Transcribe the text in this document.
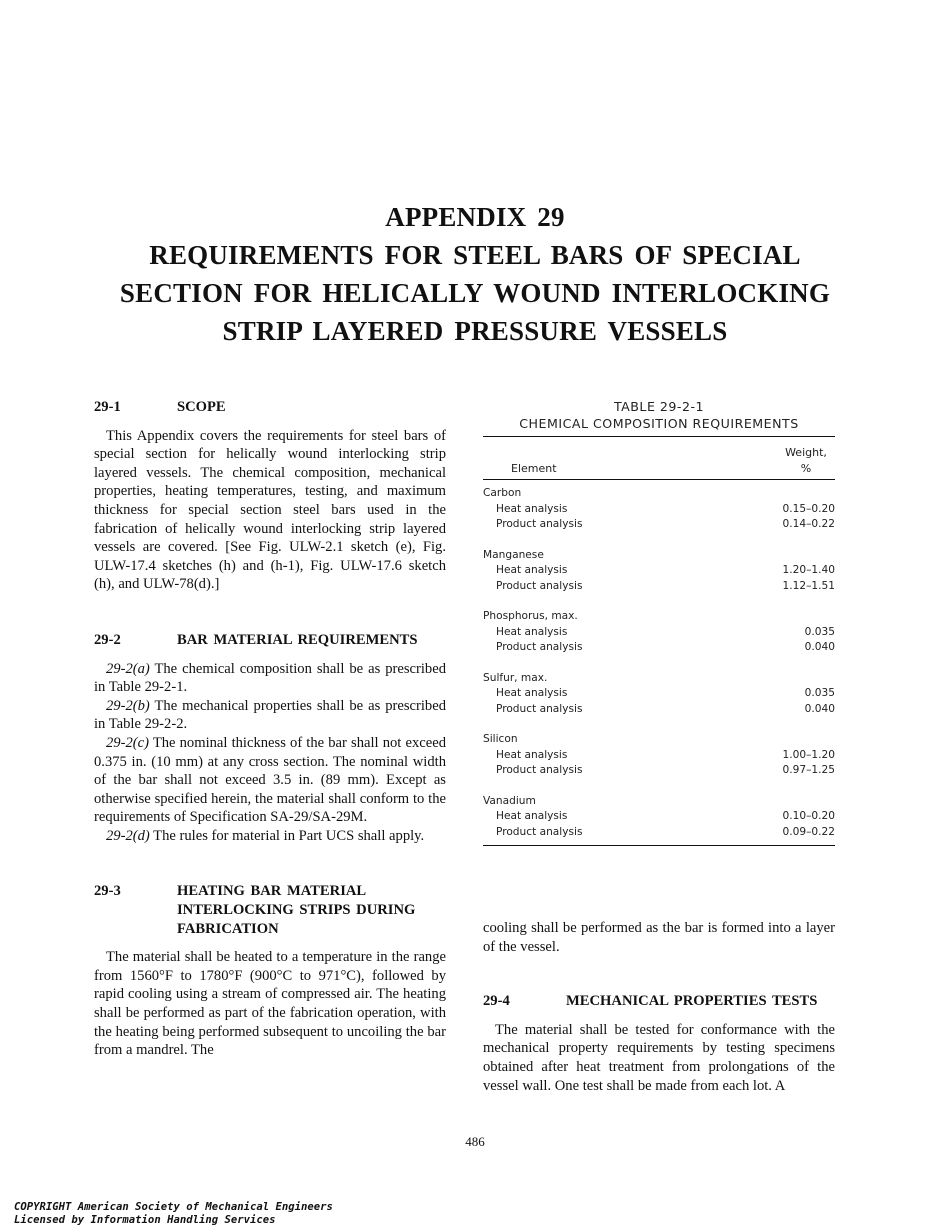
APPENDIX 29
REQUIREMENTS FOR STEEL BARS OF SPECIAL
SECTION FOR HELICALLY WOUND INTERLOCKING
STRIP LAYERED PRESSURE VESSELS
29-1	SCOPE

This Appendix covers the requirements for steel bars of special section for helically wound interlocking strip layered vessels. The chemical composition, mechanical properties, heating temperatures, testing, and maximum thickness for special section steel bars used in the fabrication of helically wound interlocking strip layered vessels are covered. [See Fig. ULW-2.1 sketch (e), Fig. ULW-17.4 sketches (h) and (h-1), Fig. ULW-17.6 sketch (h), and ULW-78(d).]

29-2	BAR MATERIAL REQUIREMENTS

29-2(a) The chemical composition shall be as prescribed in Table 29-2-1.

29-2(b) The mechanical properties shall be as prescribed in Table 29-2-2.

29-2(c) The nominal thickness of the bar shall not exceed 0.375 in. (10 mm) at any cross section. The nominal width of the bar shall not exceed 3.5 in. (89 mm). Except as otherwise specified herein, the material shall conform to the requirements of Specification SA-29/SA-29M.

29-2(d) The rules for material in Part UCS shall apply.

29-3	HEATING BAR MATERIAL INTERLOCKING STRIPS DURING FABRICATION

The material shall be heated to a temperature in the range from 1560°F to 1780°F (900°C to 971°C), followed by rapid cooling using a stream of compressed air. The heating shall be performed as part of the fabrication operation, with the heating being performed subsequent to uncoiling the bar from a mandrel. The

TABLE 29-2-1
CHEMICAL COMPOSITION REQUIREMENTS
Element
Weight,
%
Carbon
Heat analysis	0.15–0.20
Product analysis	0.14–0.22
Manganese
Heat analysis	1.20–1.40
Product analysis	1.12–1.51
Phosphorus, max.
Heat analysis	0.035
Product analysis	0.040
Sulfur, max.
Heat analysis	0.035
Product analysis	0.040
Silicon
Heat analysis	1.00–1.20
Product analysis	0.97–1.25
Vanadium
Heat analysis	0.10–0.20
Product analysis	0.09–0.22

cooling shall be performed as the bar is formed into a layer of the vessel.

29-4	MECHANICAL PROPERTIES TESTS

The material shall be tested for conformance with the mechanical property requirements by testing specimens obtained after heat treatment from prolongations of the vessel wall. One test shall be made from each lot. A

486
COPYRIGHT American Society of Mechanical Engineers
Licensed by Information Handling Services
